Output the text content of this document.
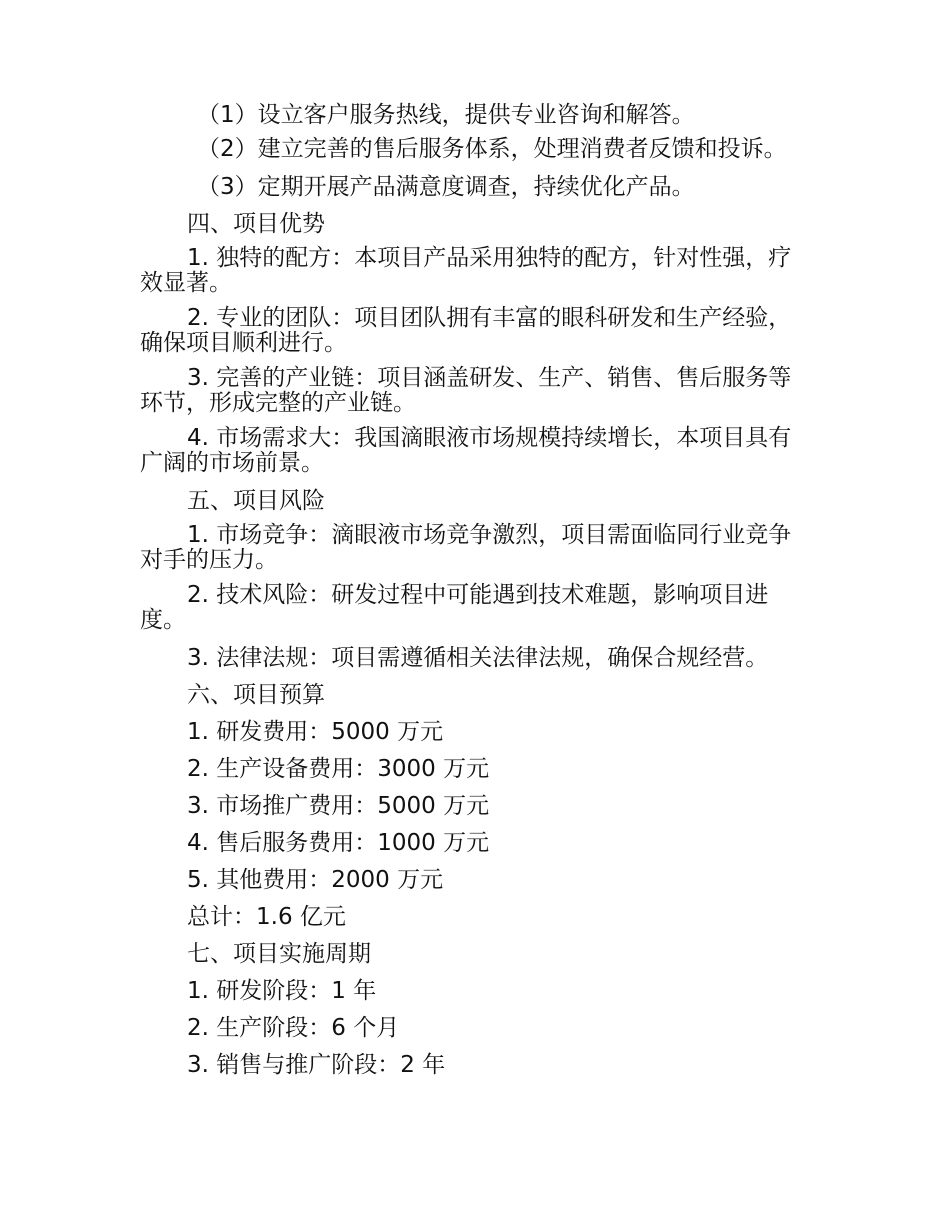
（1）设立客户服务热线，提供专业咨询和解答。

（2）建立完善的售后服务体系，处理消费者反馈和投诉。

（3）定期开展产品满意度调查，持续优化产品。

四、项目优势

1. 独特的配方：本项目产品采用独特的配方，针对性强，疗效显著。

2. 专业的团队：项目团队拥有丰富的眼科研发和生产经验，确保项目顺利进行。

3. 完善的产业链：项目涵盖研发、生产、销售、售后服务等环节，形成完整的产业链。

4. 市场需求大：我国滴眼液市场规模持续增长，本项目具有广阔的市场前景。

五、项目风险

1. 市场竞争：滴眼液市场竞争激烈，项目需面临同行业竞争对手的压力。

2. 技术风险：研发过程中可能遇到技术难题，影响项目进度。

3. 法律法规：项目需遵循相关法律法规，确保合规经营。

六、项目预算

1. 研发费用：5000 万元

2. 生产设备费用：3000 万元

3. 市场推广费用：5000 万元

4. 售后服务费用：1000 万元

5. 其他费用：2000 万元

总计：1.6 亿元

七、项目实施周期

1. 研发阶段：1 年

2. 生产阶段：6 个月

3. 销售与推广阶段：2 年
